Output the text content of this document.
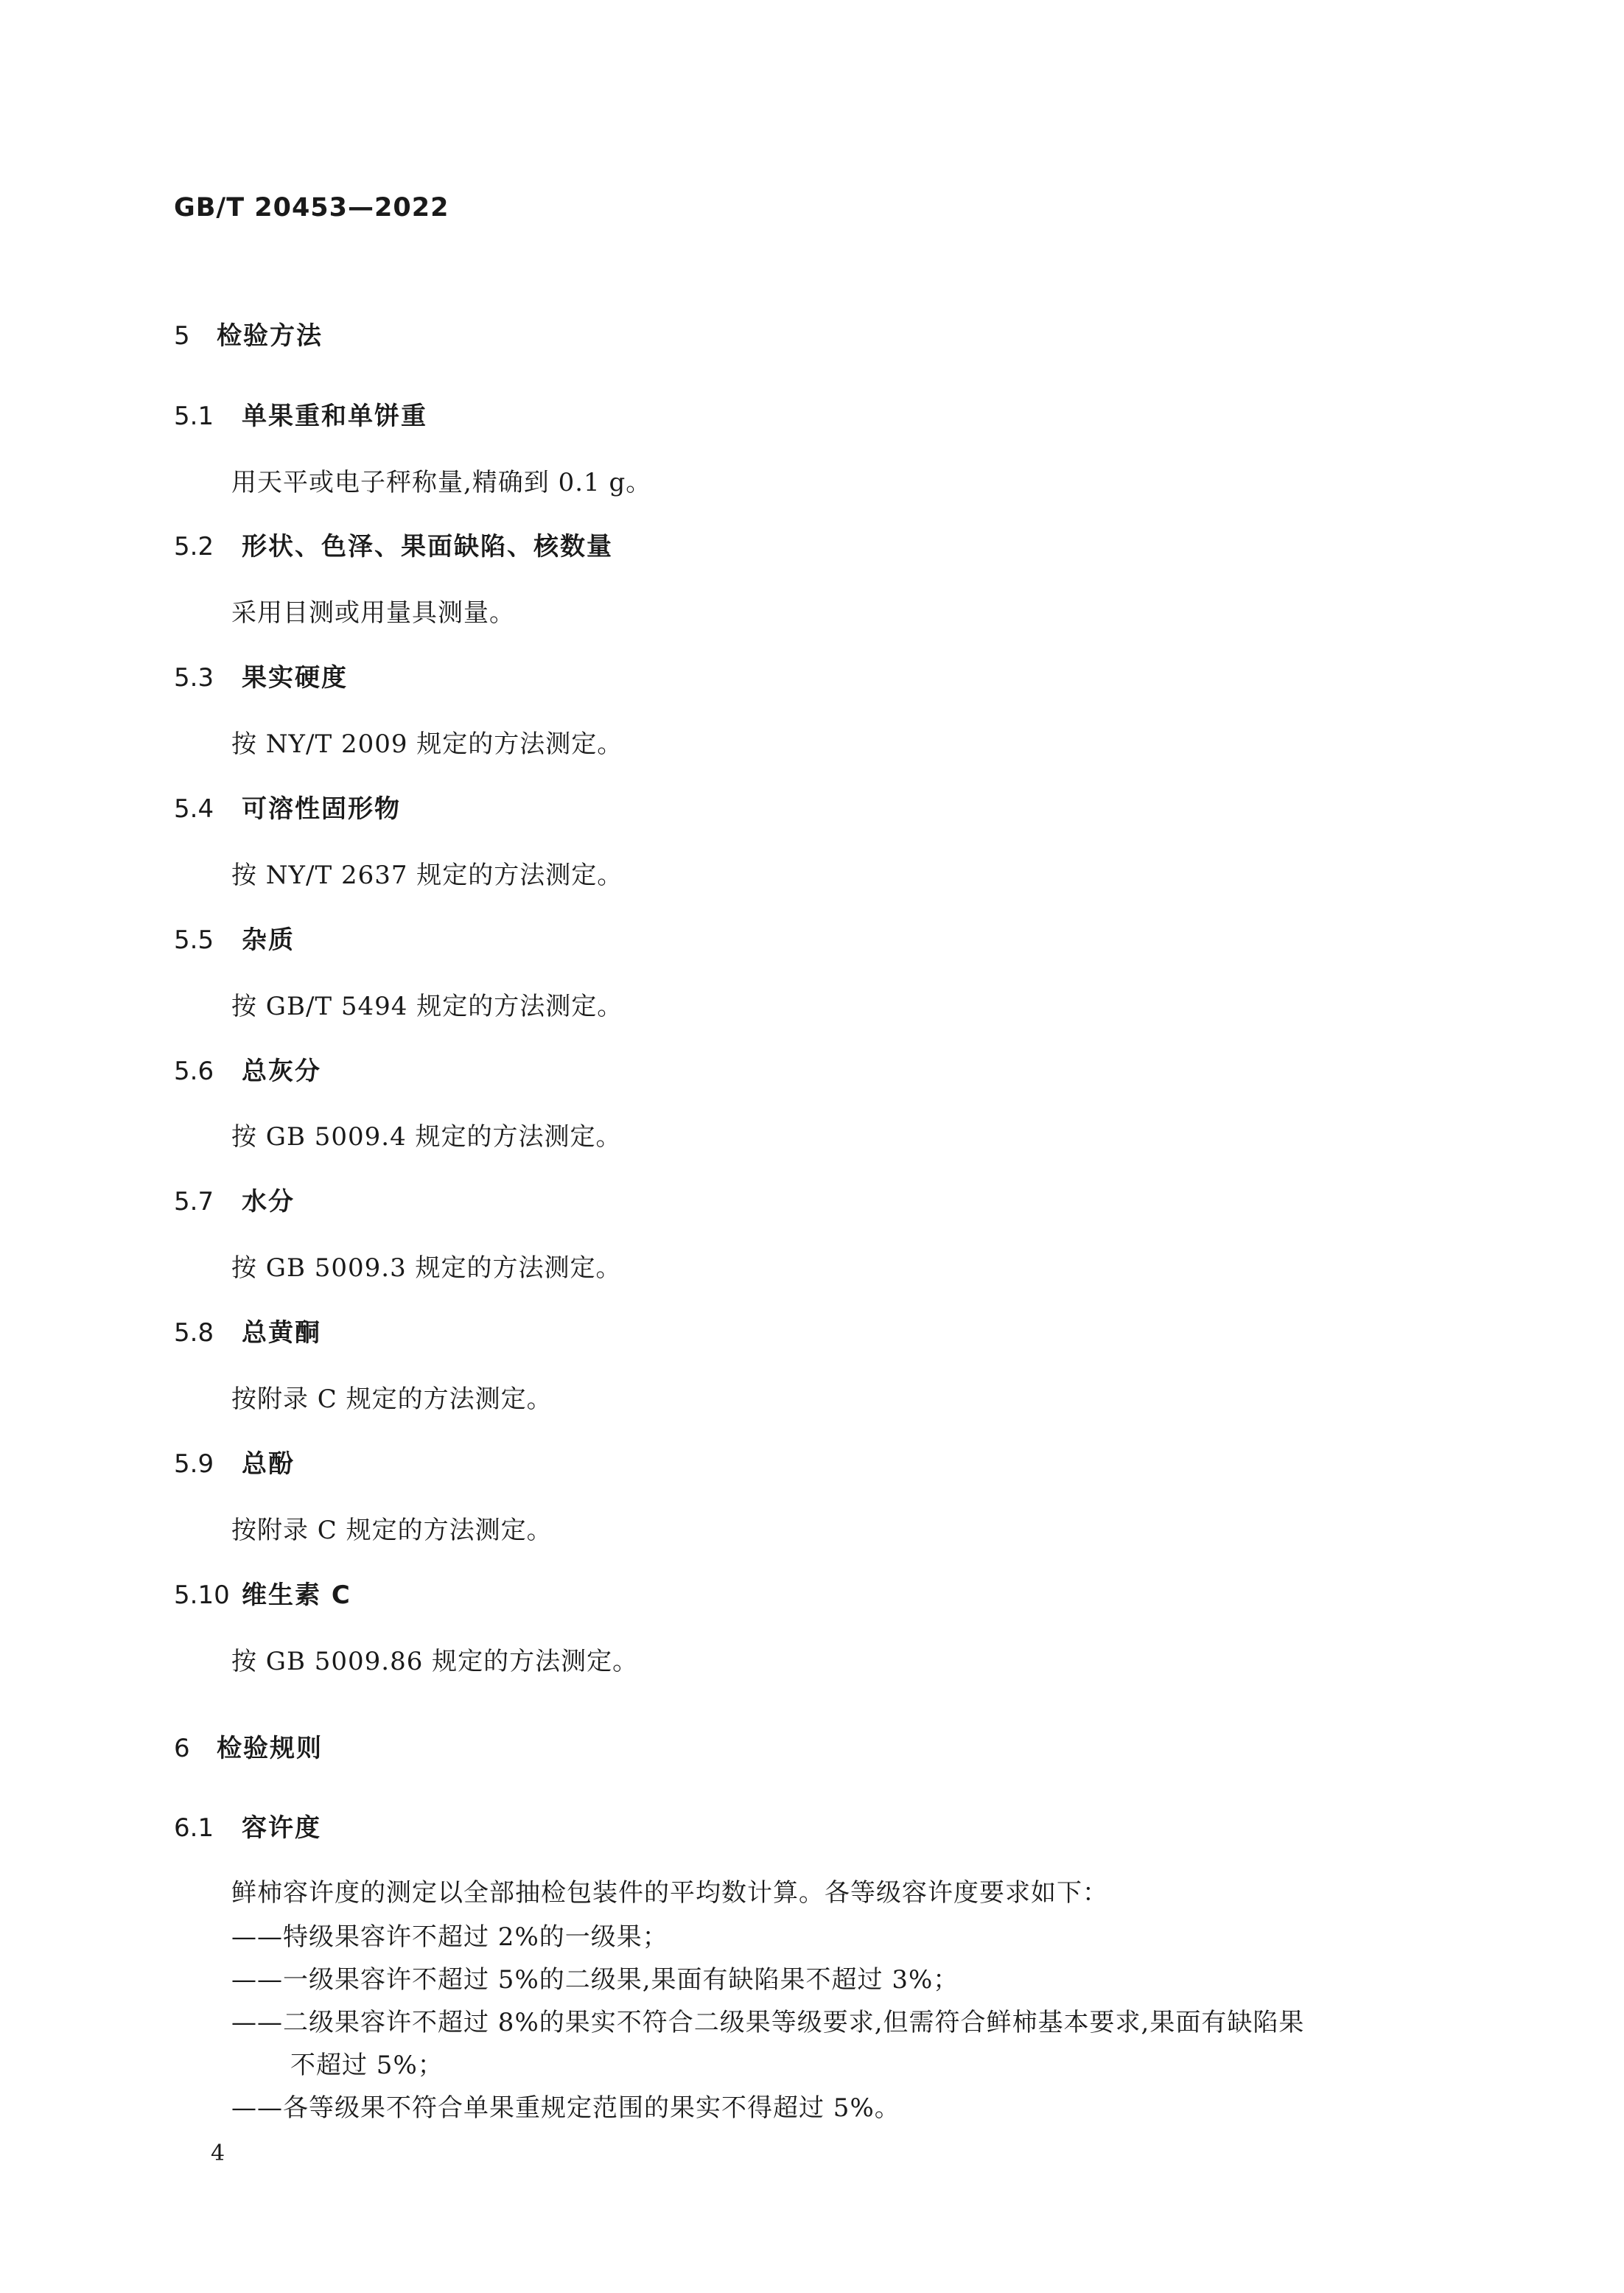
GB/T 20453—2022
5 检验方法
5.1 单果重和单饼重
用天平或电子秤称量,精确到 0.1 g。
5.2 形状、色泽、果面缺陷、核数量
采用目测或用量具测量。
5.3 果实硬度
按 NY/T 2009 规定的方法测定。
5.4 可溶性固形物
按 NY/T 2637 规定的方法测定。
5.5 杂质
按 GB/T 5494 规定的方法测定。
5.6 总灰分
按 GB 5009.4 规定的方法测定。
5.7 水分
按 GB 5009.3 规定的方法测定。
5.8 总黄酮
按附录 C 规定的方法测定。
5.9 总酚
按附录 C 规定的方法测定。
5.10 维生素 C
按 GB 5009.86 规定的方法测定。
6 检验规则
6.1 容许度
鲜柿容许度的测定以全部抽检包装件的平均数计算。各等级容许度要求如下：
——特级果容许不超过 2%的一级果；
——一级果容许不超过 5%的二级果,果面有缺陷果不超过 3%；
——二级果容许不超过 8%的果实不符合二级果等级要求,但需符合鲜柿基本要求,果面有缺陷果
不超过 5%；
——各等级果不符合单果重规定范围的果实不得超过 5%。
4
